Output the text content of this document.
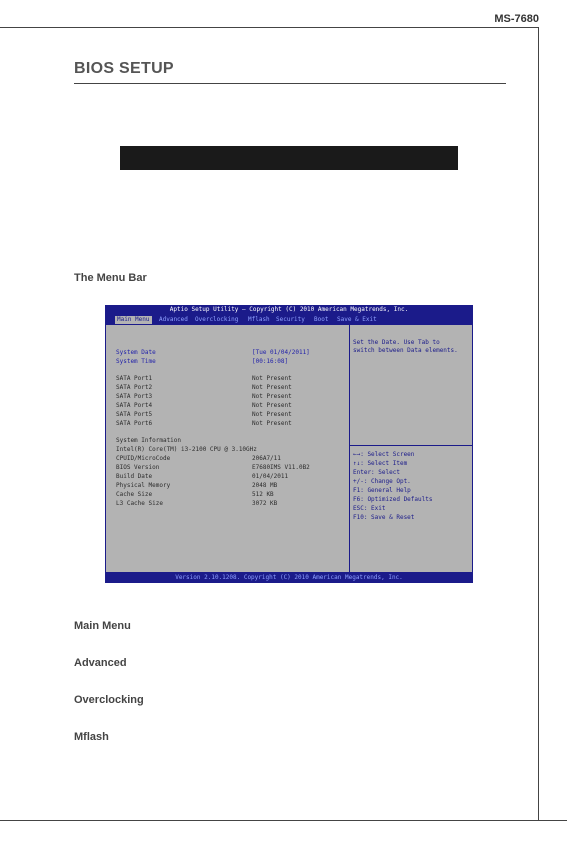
MS-7680
BIOS SETUP
The Menu Bar
Aptio Setup Utility – Copyright (C) 2010 American Megatrends, Inc.
Main Menu	Advanced Overclocking Mflash Security Boot Save & Exit
System Date	[Tue 01/04/2011]
System Time	[00:16:08]
SATA Port1	Not Present
SATA Port2	Not Present
SATA Port3	Not Present
SATA Port4	Not Present
SATA Port5	Not Present
SATA Port6	Not Present
System Information
Intel(R) Core(TM) i3-2100 CPU @ 3.10GHz
CPUID/MicroCode	206A7/11
BIOS Version	E7680IMS V11.0B2
Build Date	01/04/2011
Physical Memory	2048 MB
Cache Size	512 KB
L3 Cache Size	3072 KB
Set the Date. Use Tab to
switch between Data elements.
←→: Select Screen
↑↓: Select Item
Enter: Select
+/-: Change Opt.
F1: General Help
F6: Optimized Defaults
ESC: Exit
F10: Save & Reset
Version 2.10.1208. Copyright (C) 2010 American Megatrends, Inc.
Main Menu
Advanced
Overclocking
Mflash
